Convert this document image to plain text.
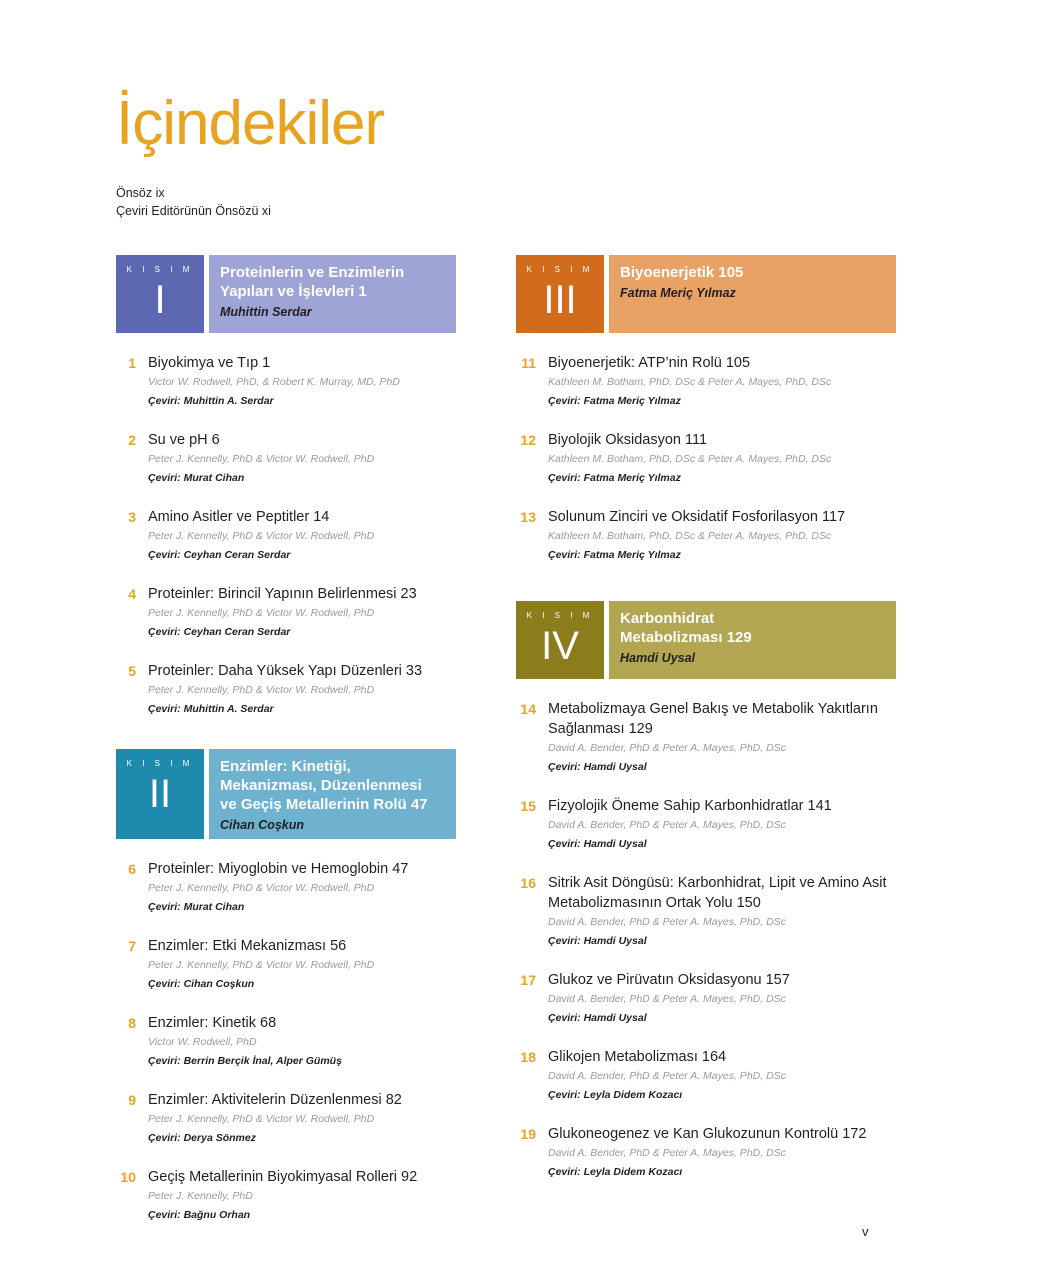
İçindekiler
Önsöz ix
Çeviri Editörünün Önsözü xi
K I S I M
I
Proteinlerin ve Enzimlerin
Yapıları ve İşlevleri 1
Muhittin Serdar
1 Biyokimya ve Tıp 1
Victor W. Rodwell, PhD, & Robert K. Murray, MD, PhD
Çeviri: Muhittin A. Serdar
2 Su ve pH 6
Peter J. Kennelly, PhD & Victor W. Rodwell, PhD
Çeviri: Murat Cihan
3 Amino Asitler ve Peptitler 14
Peter J. Kennelly, PhD & Victor W. Rodwell, PhD
Çeviri: Ceyhan Ceran Serdar
4 Proteinler: Birincil Yapının Belirlenmesi 23
Peter J. Kennelly, PhD & Victor W. Rodwell, PhD
Çeviri: Ceyhan Ceran Serdar
5 Proteinler: Daha Yüksek Yapı Düzenleri 33
Peter J. Kennelly, PhD & Victor W. Rodwell, PhD
Çeviri: Muhittin A. Serdar
K I S I M
II
Enzimler: Kinetiği,
Mekanizması, Düzenlenmesi
ve Geçiş Metallerinin Rolü 47
Cihan Coşkun
6 Proteinler: Miyoglobin ve Hemoglobin 47
Peter J. Kennelly, PhD & Victor W. Rodwell, PhD
Çeviri: Murat Cihan
7 Enzimler: Etki Mekanizması 56
Peter J. Kennelly, PhD & Victor W. Rodwell, PhD
Çeviri: Cihan Coşkun
8 Enzimler: Kinetik 68
Victor W. Rodwell, PhD
Çeviri: Berrin Berçik İnal, Alper Gümüş
9 Enzimler: Aktivitelerin Düzenlenmesi 82
Peter J. Kennelly, PhD & Victor W. Rodwell, PhD
Çeviri: Derya Sönmez
10 Geçiş Metallerinin Biyokimyasal Rolleri 92
Peter J. Kennelly, PhD
Çeviri: Bağnu Orhan
K I S I M
III
Biyoenerjetik 105
Fatma Meriç Yılmaz
11 Biyoenerjetik: ATP’nin Rolü 105
Kathleen M. Botham, PhD, DSc & Peter A. Mayes, PhD, DSc
Çeviri: Fatma Meriç Yılmaz
12 Biyolojik Oksidasyon 111
Kathleen M. Botham, PhD, DSc & Peter A. Mayes, PhD, DSc
Çeviri: Fatma Meriç Yılmaz
13 Solunum Zinciri ve Oksidatif Fosforilasyon 117
Kathleen M. Botham, PhD, DSc & Peter A. Mayes, PhD, DSc
Çeviri: Fatma Meriç Yılmaz
K I S I M
IV
Karbonhidrat
Metabolizması 129
Hamdi Uysal
14 Metabolizmaya Genel Bakış ve Metabolik Yakıtların Sağlanması 129
David A. Bender, PhD & Peter A. Mayes, PhD, DSc
Çeviri: Hamdi Uysal
15 Fizyolojik Öneme Sahip Karbonhidratlar 141
David A. Bender, PhD & Peter A. Mayes, PhD, DSc
Çeviri: Hamdi Uysal
16 Sitrik Asit Döngüsü: Karbonhidrat, Lipit ve Amino Asit Metabolizmasının Ortak Yolu 150
David A. Bender, PhD & Peter A. Mayes, PhD, DSc
Çeviri: Hamdi Uysal
17 Glukoz ve Pirüvatın Oksidasyonu 157
David A. Bender, PhD & Peter A. Mayes, PhD, DSc
Çeviri: Hamdi Uysal
18 Glikojen Metabolizması 164
David A. Bender, PhD & Peter A. Mayes, PhD, DSc
Çeviri: Leyla Didem Kozacı
19 Glukoneogenez ve Kan Glukozunun Kontrolü 172
David A. Bender, PhD & Peter A. Mayes, PhD, DSc
Çeviri: Leyla Didem Kozacı
v
